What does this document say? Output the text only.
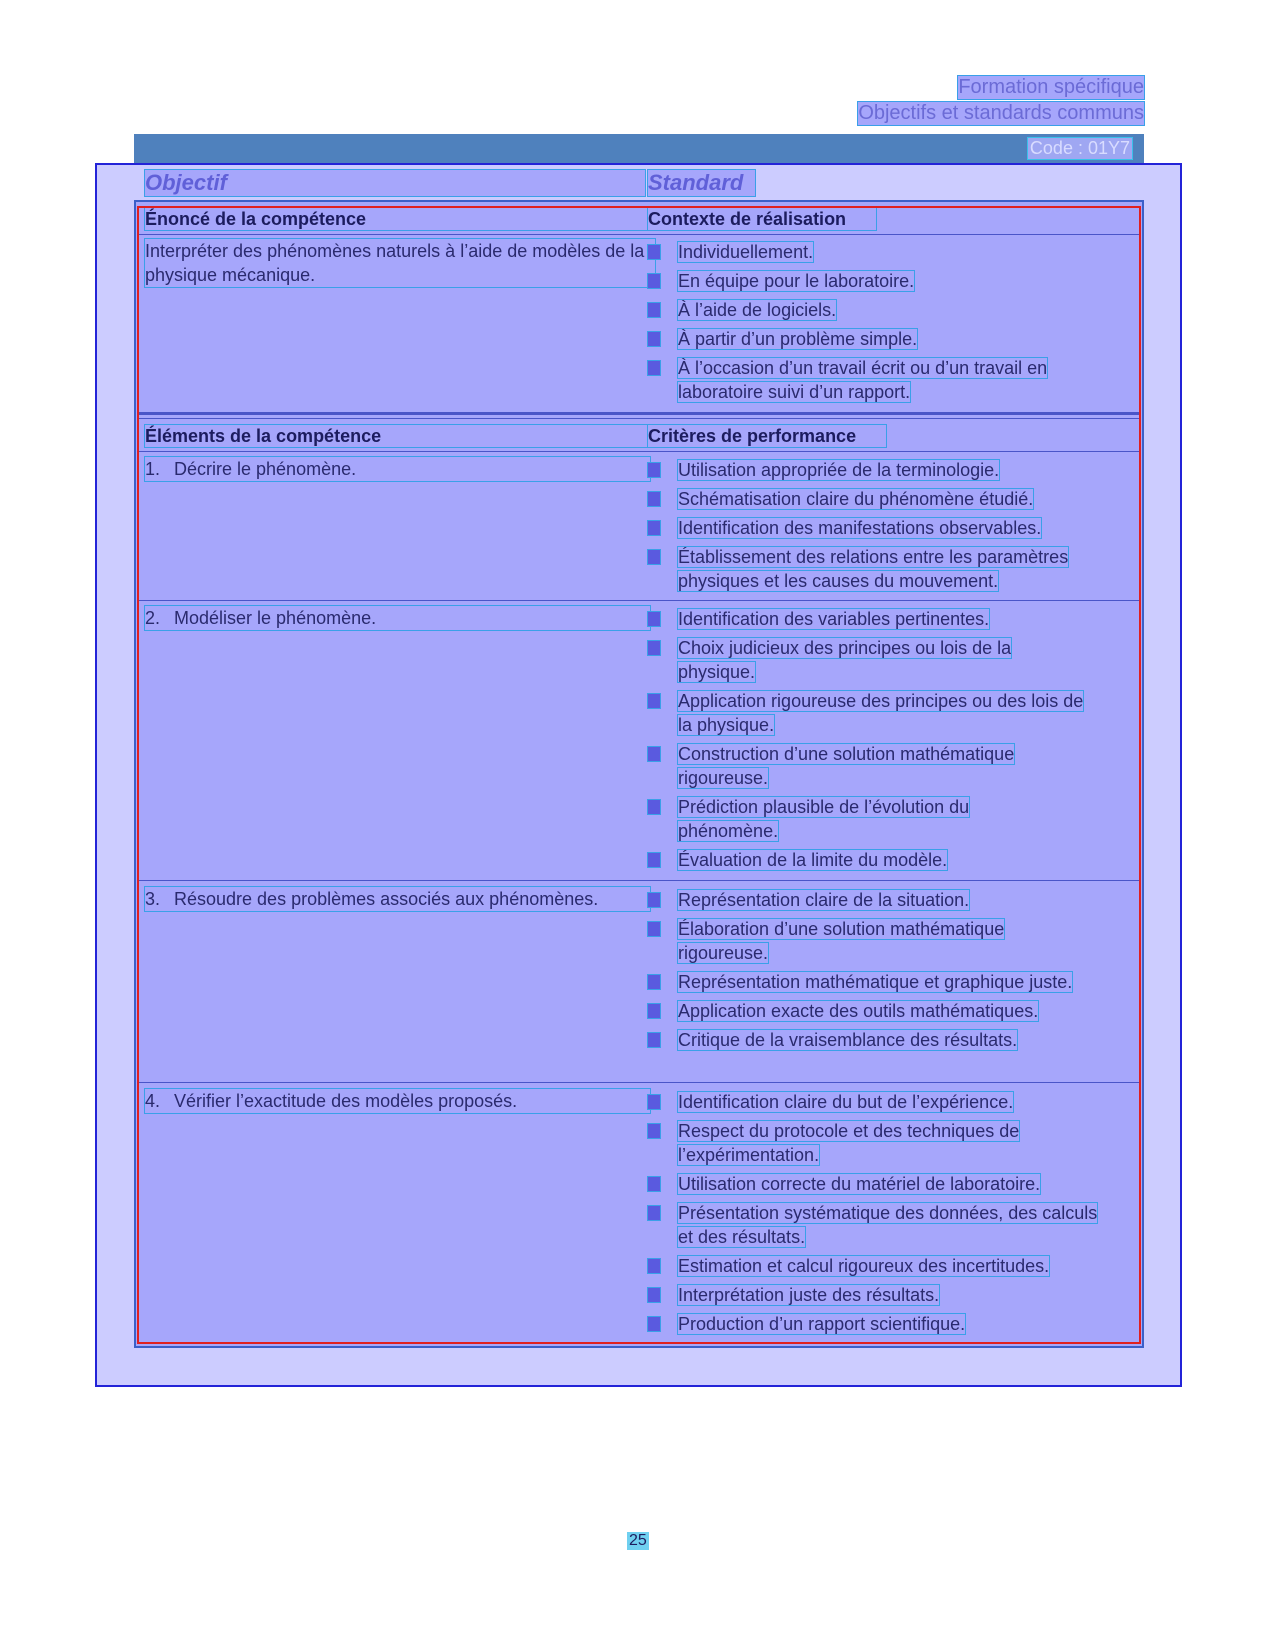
Formation spécifique
Objectifs et standards communs
Code : 01Y7
Objectif	Standard
Énoncé de la compétence	Contexte de réalisation
Interpréter des phénomènes naturels à l’aide de modèles de la physique mécanique.
Individuellement.
En équipe pour le laboratoire.
À l’aide de logiciels.
À partir d’un problème simple.
À l’occasion d’un travail écrit ou d’un travail en laboratoire suivi d’un rapport.
Éléments de la compétence	Critères de performance
1. Décrire le phénomène.	Utilisation appropriée de la terminologie.
Schématisation claire du phénomène étudié.
Identification des manifestations observables.
Établissement des relations entre les paramètres physiques et les causes du mouvement.
2. Modéliser le phénomène.	Identification des variables pertinentes.
Choix judicieux des principes ou lois de la physique.
Application rigoureuse des principes ou des lois de la physique.
Construction d’une solution mathématique rigoureuse.
Prédiction plausible de l’évolution du phénomène.
Évaluation de la limite du modèle.
3. Résoudre des problèmes associés aux phénomènes.	Représentation claire de la situation.
Élaboration d’une solution mathématique rigoureuse.
Représentation mathématique et graphique juste.
Application exacte des outils mathématiques.
Critique de la vraisemblance des résultats.
4. Vérifier l’exactitude des modèles proposés.	Identification claire du but de l’expérience.
Respect du protocole et des techniques de l’expérimentation.
Utilisation correcte du matériel de laboratoire.
Présentation systématique des données, des calculs et des résultats.
Estimation et calcul rigoureux des incertitudes.
Interprétation juste des résultats.
Production d’un rapport scientifique.
25
